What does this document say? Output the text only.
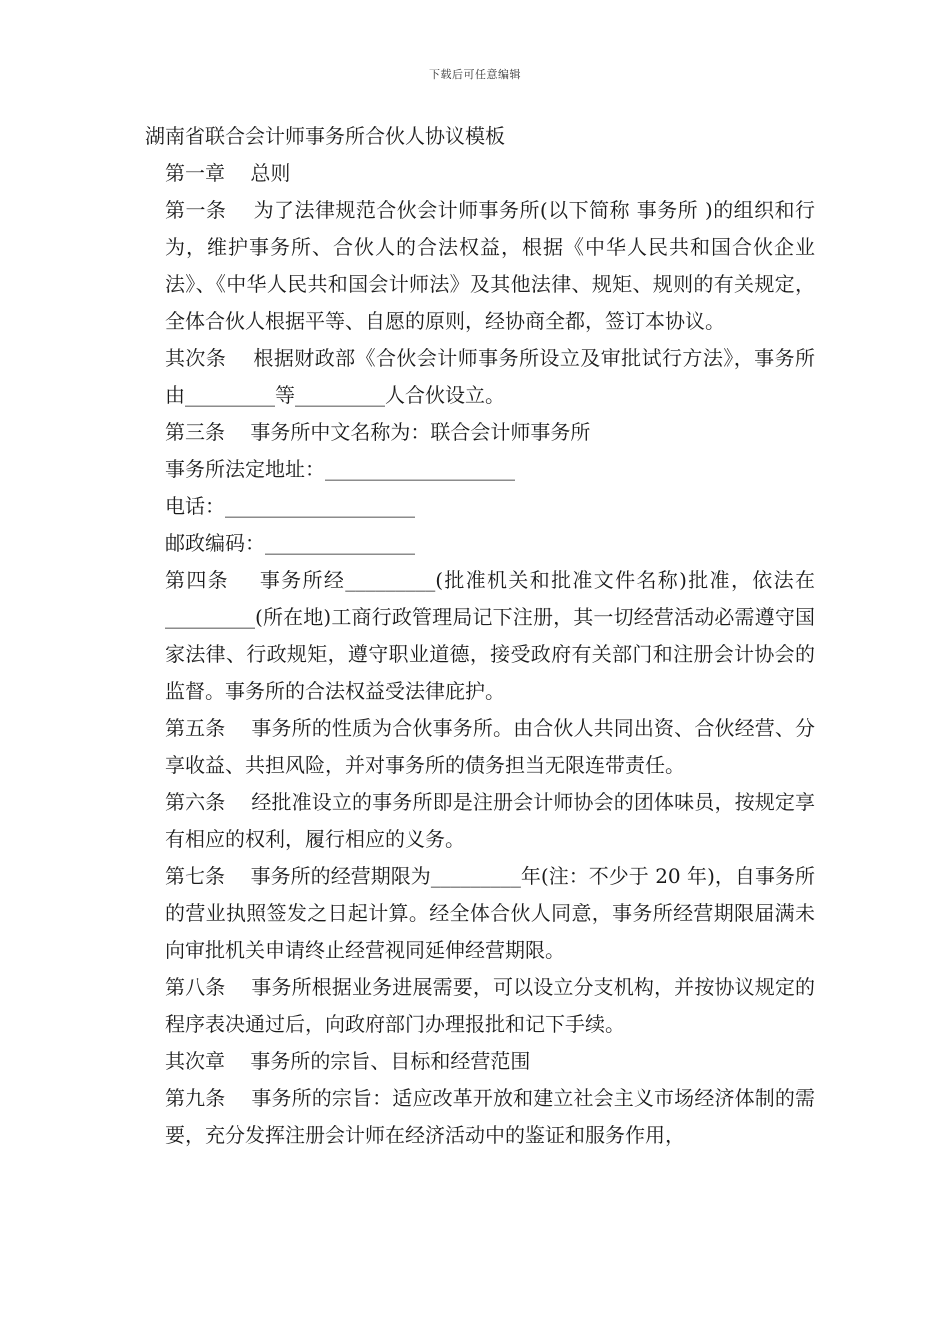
下载后可任意编辑

湖南省联合会计师事务所合伙人协议模板

第一章    总则

第一条    为了法律规范合伙会计师事务所(以下简称 事务所 )的组织和行为，维护事务所、合伙人的合法权益，根据《中华人民共和国合伙企业法》、《中华人民共和国会计师法》及其他法律、规矩、规则的有关规定，全体合伙人根据平等、自愿的原则，经协商全都，签订本协议。

其次条    根据财政部《合伙会计师事务所设立及审批试行方法》，事务所由_________等_________人合伙设立。

第三条    事务所中文名称为：联合会计师事务所

事务所法定地址：___________________

电话：___________________

邮政编码：_______________

第四条    事务所经_________(批准机关和批准文件名称)批准，依法在_________(所在地)工商行政管理局记下注册，其一切经营活动必需遵守国家法律、行政规矩，遵守职业道德，接受政府有关部门和注册会计协会的监督。事务所的合法权益受法律庇护。

第五条    事务所的性质为合伙事务所。由合伙人共同出资、合伙经营、分享收益、共担风险，并对事务所的债务担当无限连带责任。

第六条    经批准设立的事务所即是注册会计师协会的团体味员，按规定享有相应的权利，履行相应的义务。

第七条    事务所的经营期限为_________年(注：不少于 20 年)，自事务所的营业执照签发之日起计算。经全体合伙人同意，事务所经营期限届满未向审批机关申请终止经营视同延伸经营期限。

第八条    事务所根据业务进展需要，可以设立分支机构，并按协议规定的程序表决通过后，向政府部门办理报批和记下手续。

其次章    事务所的宗旨、目标和经营范围

第九条    事务所的宗旨：适应改革开放和建立社会主义市场经济体制的需要，充分发挥注册会计师在经济活动中的鉴证和服务作用，
